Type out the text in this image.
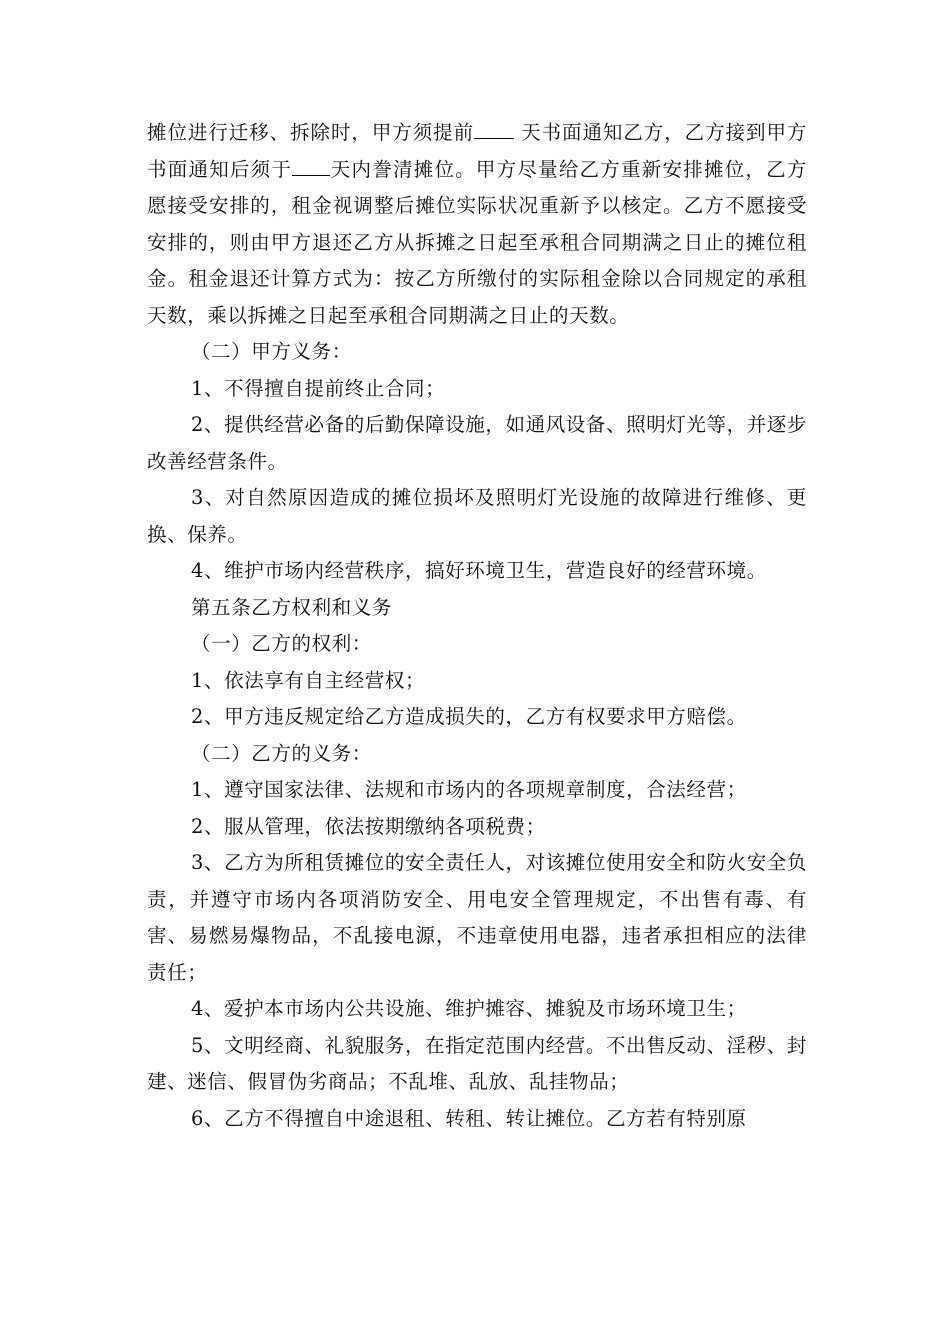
摊位进行迁移、拆除时，甲方须提前 天书面通知乙方，乙方接到甲方书面通知后须于 天内誊清摊位。甲方尽量给乙方重新安排摊位，乙方愿接受安排的，租金视调整后摊位实际状况重新予以核定。乙方不愿接受安排的，则由甲方退还乙方从拆摊之日起至承租合同期满之日止的摊位租金。租金退还计算方式为：按乙方所缴付的实际租金除以合同规定的承租天数，乘以拆摊之日起至承租合同期满之日止的天数。

（二）甲方义务：

1、不得擅自提前终止合同；

2、提供经营必备的后勤保障设施，如通风设备、照明灯光等，并逐步改善经营条件。

3、对自然原因造成的摊位损坏及照明灯光设施的故障进行维修、更换、保养。

4、维护市场内经营秩序，搞好环境卫生，营造良好的经营环境。

第五条乙方权利和义务

（一）乙方的权利：

1、依法享有自主经营权；

2、甲方违反规定给乙方造成损失的，乙方有权要求甲方赔偿。

（二）乙方的义务：

1、遵守国家法律、法规和市场内的各项规章制度，合法经营；

2、服从管理，依法按期缴纳各项税费；

3、乙方为所租赁摊位的安全责任人，对该摊位使用安全和防火安全负责，并遵守市场内各项消防安全、用电安全管理规定，不出售有毒、有害、易燃易爆物品，不乱接电源，不违章使用电器，违者承担相应的法律责任；

4、爱护本市场内公共设施、维护摊容、摊貌及市场环境卫生；

5、文明经商、礼貌服务，在指定范围内经营。不出售反动、淫秽、封建、迷信、假冒伪劣商品；不乱堆、乱放、乱挂物品；

6、乙方不得擅自中途退租、转租、转让摊位。乙方若有特别原
